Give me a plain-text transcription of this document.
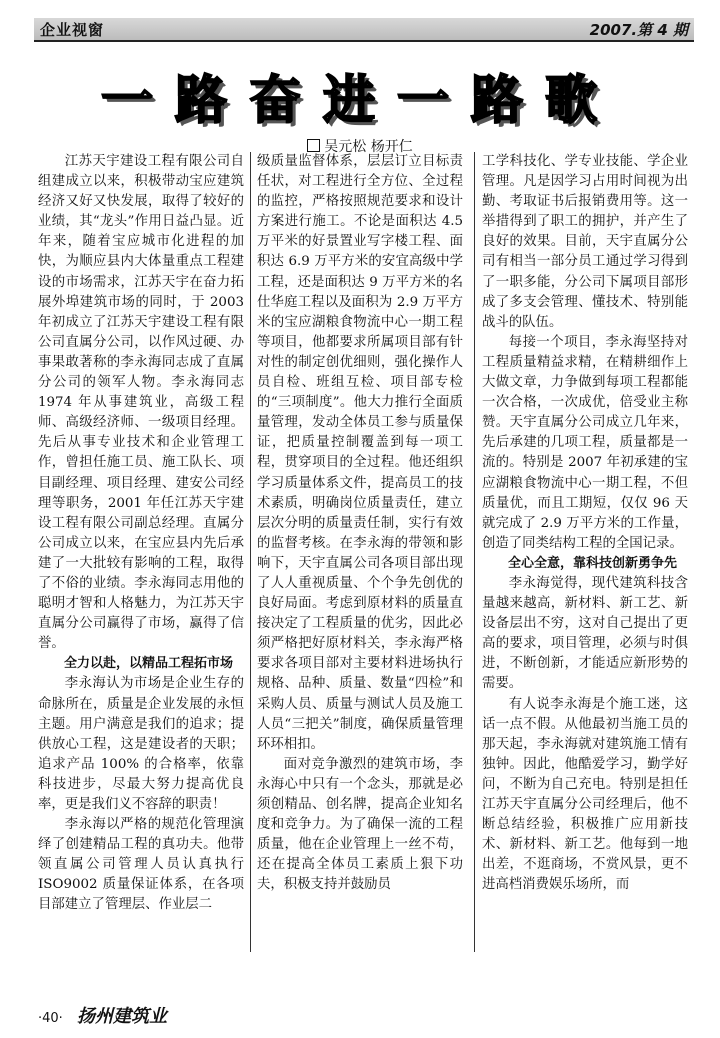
企业视窗	2007.第 4 期
一路奋进一路歌
吴元松 杨开仁

江苏天宇建设工程有限公司自组建成立以来，积极带动宝应建筑经济又好又快发展，取得了较好的业绩，其“龙头”作用日益凸显。近年来，随着宝应城市化进程的加快，为顺应县内大体量重点工程建设的市场需求，江苏天宇在奋力拓展外埠建筑市场的同时，于 2003 年初成立了江苏天宇建设工程有限公司直属分公司，以作风过硬、办事果敢著称的李永海同志成了直属分公司的领军人物。李永海同志 1974 年从事建筑业，高级工程师、高级经济师、一级项目经理。先后从事专业技术和企业管理工作，曾担任施工员、施工队长、项目副经理、项目经理、建安公司经理等职务，2001 年任江苏天宇建设工程有限公司副总经理。直属分公司成立以来，在宝应县内先后承建了一大批较有影响的工程，取得了不俗的业绩。李永海同志用他的聪明才智和人格魅力，为江苏天宇直属分公司赢得了市场，赢得了信誉。

全力以赴，以精品工程拓市场

李永海认为市场是企业生存的命脉所在，质量是企业发展的永恒主题。用户满意是我们的追求；提供放心工程，这是建设者的天职；追求产品 100% 的合格率，依靠科技进步，尽最大努力提高优良率，更是我们义不容辞的职责！

李永海以严格的规范化管理演绎了创建精品工程的真功夫。他带领直属公司管理人员认真执行 ISO9002 质量保证体系，在各项目部建立了管理层、作业层二

级质量监督体系，层层订立目标责任状，对工程进行全方位、全过程的监控，严格按照规范要求和设计方案进行施工。不论是面积达 4.5 万平米的好景置业写字楼工程、面积达 6.9 万平方米的安宜高级中学工程，还是面积达 9 万平方米的名仕华庭工程以及面积为 2.9 万平方米的宝应湖粮食物流中心一期工程等项目，他都要求所属项目部有针对性的制定创优细则，强化操作人员自检、班组互检、项目部专检的“三项制度”。他大力推行全面质量管理，发动全体员工参与质量保证，把质量控制覆盖到每一项工程，贯穿项目的全过程。他还组织学习质量体系文件，提高员工的技术素质，明确岗位质量责任，建立层次分明的质量责任制，实行有效的监督考核。在李永海的带领和影响下，天宇直属公司各项目部出现了人人重视质量、个个争先创优的良好局面。考虑到原材料的质量直接决定了工程质量的优劣，因此必须严格把好原材料关，李永海严格要求各项目部对主要材料进场执行规格、品种、质量、数量“四检”和采购人员、质量与测试人员及施工人员“三把关”制度，确保质量管理环环相扣。

面对竞争激烈的建筑市场，李永海心中只有一个念头，那就是必须创精品、创名牌，提高企业知名度和竞争力。为了确保一流的工程质量，他在企业管理上一丝不苟，还在提高全体员工素质上狠下功夫，积极支持并鼓励员

工学科技化、学专业技能、学企业管理。凡是因学习占用时间视为出勤、考取证书后报销费用等。这一举措得到了职工的拥护，并产生了良好的效果。目前，天宇直属分公司有相当一部分员工通过学习得到了一职多能，分公司下属项目部形成了多支会管理、懂技术、特别能战斗的队伍。

每接一个项目，李永海坚持对工程质量精益求精，在精耕细作上大做文章，力争做到每项工程都能一次合格，一次成优，倍受业主称赞。天宇直属分公司成立几年来，先后承建的几项工程，质量都是一流的。特别是 2007 年初承建的宝应湖粮食物流中心一期工程，不但质量优，而且工期短，仅仅 96 天就完成了 2.9 万平方米的工作量，创造了同类结构工程的全国记录。

全心全意，靠科技创新勇争先

李永海觉得，现代建筑科技含量越来越高，新材料、新工艺、新设备层出不穷，这对自己提出了更高的要求，项目管理，必须与时俱进，不断创新，才能适应新形势的需要。

有人说李永海是个施工迷，这话一点不假。从他最初当施工员的那天起，李永海就对建筑施工情有独钟。因此，他酷爱学习，勤学好问，不断为自己充电。特别是担任江苏天宇直属分公司经理后，他不断总结经验，积极推广应用新技术、新材料、新工艺。他每到一地出差，不逛商场，不赏风景，更不进高档消费娱乐场所，而

·40· 扬州建筑业
